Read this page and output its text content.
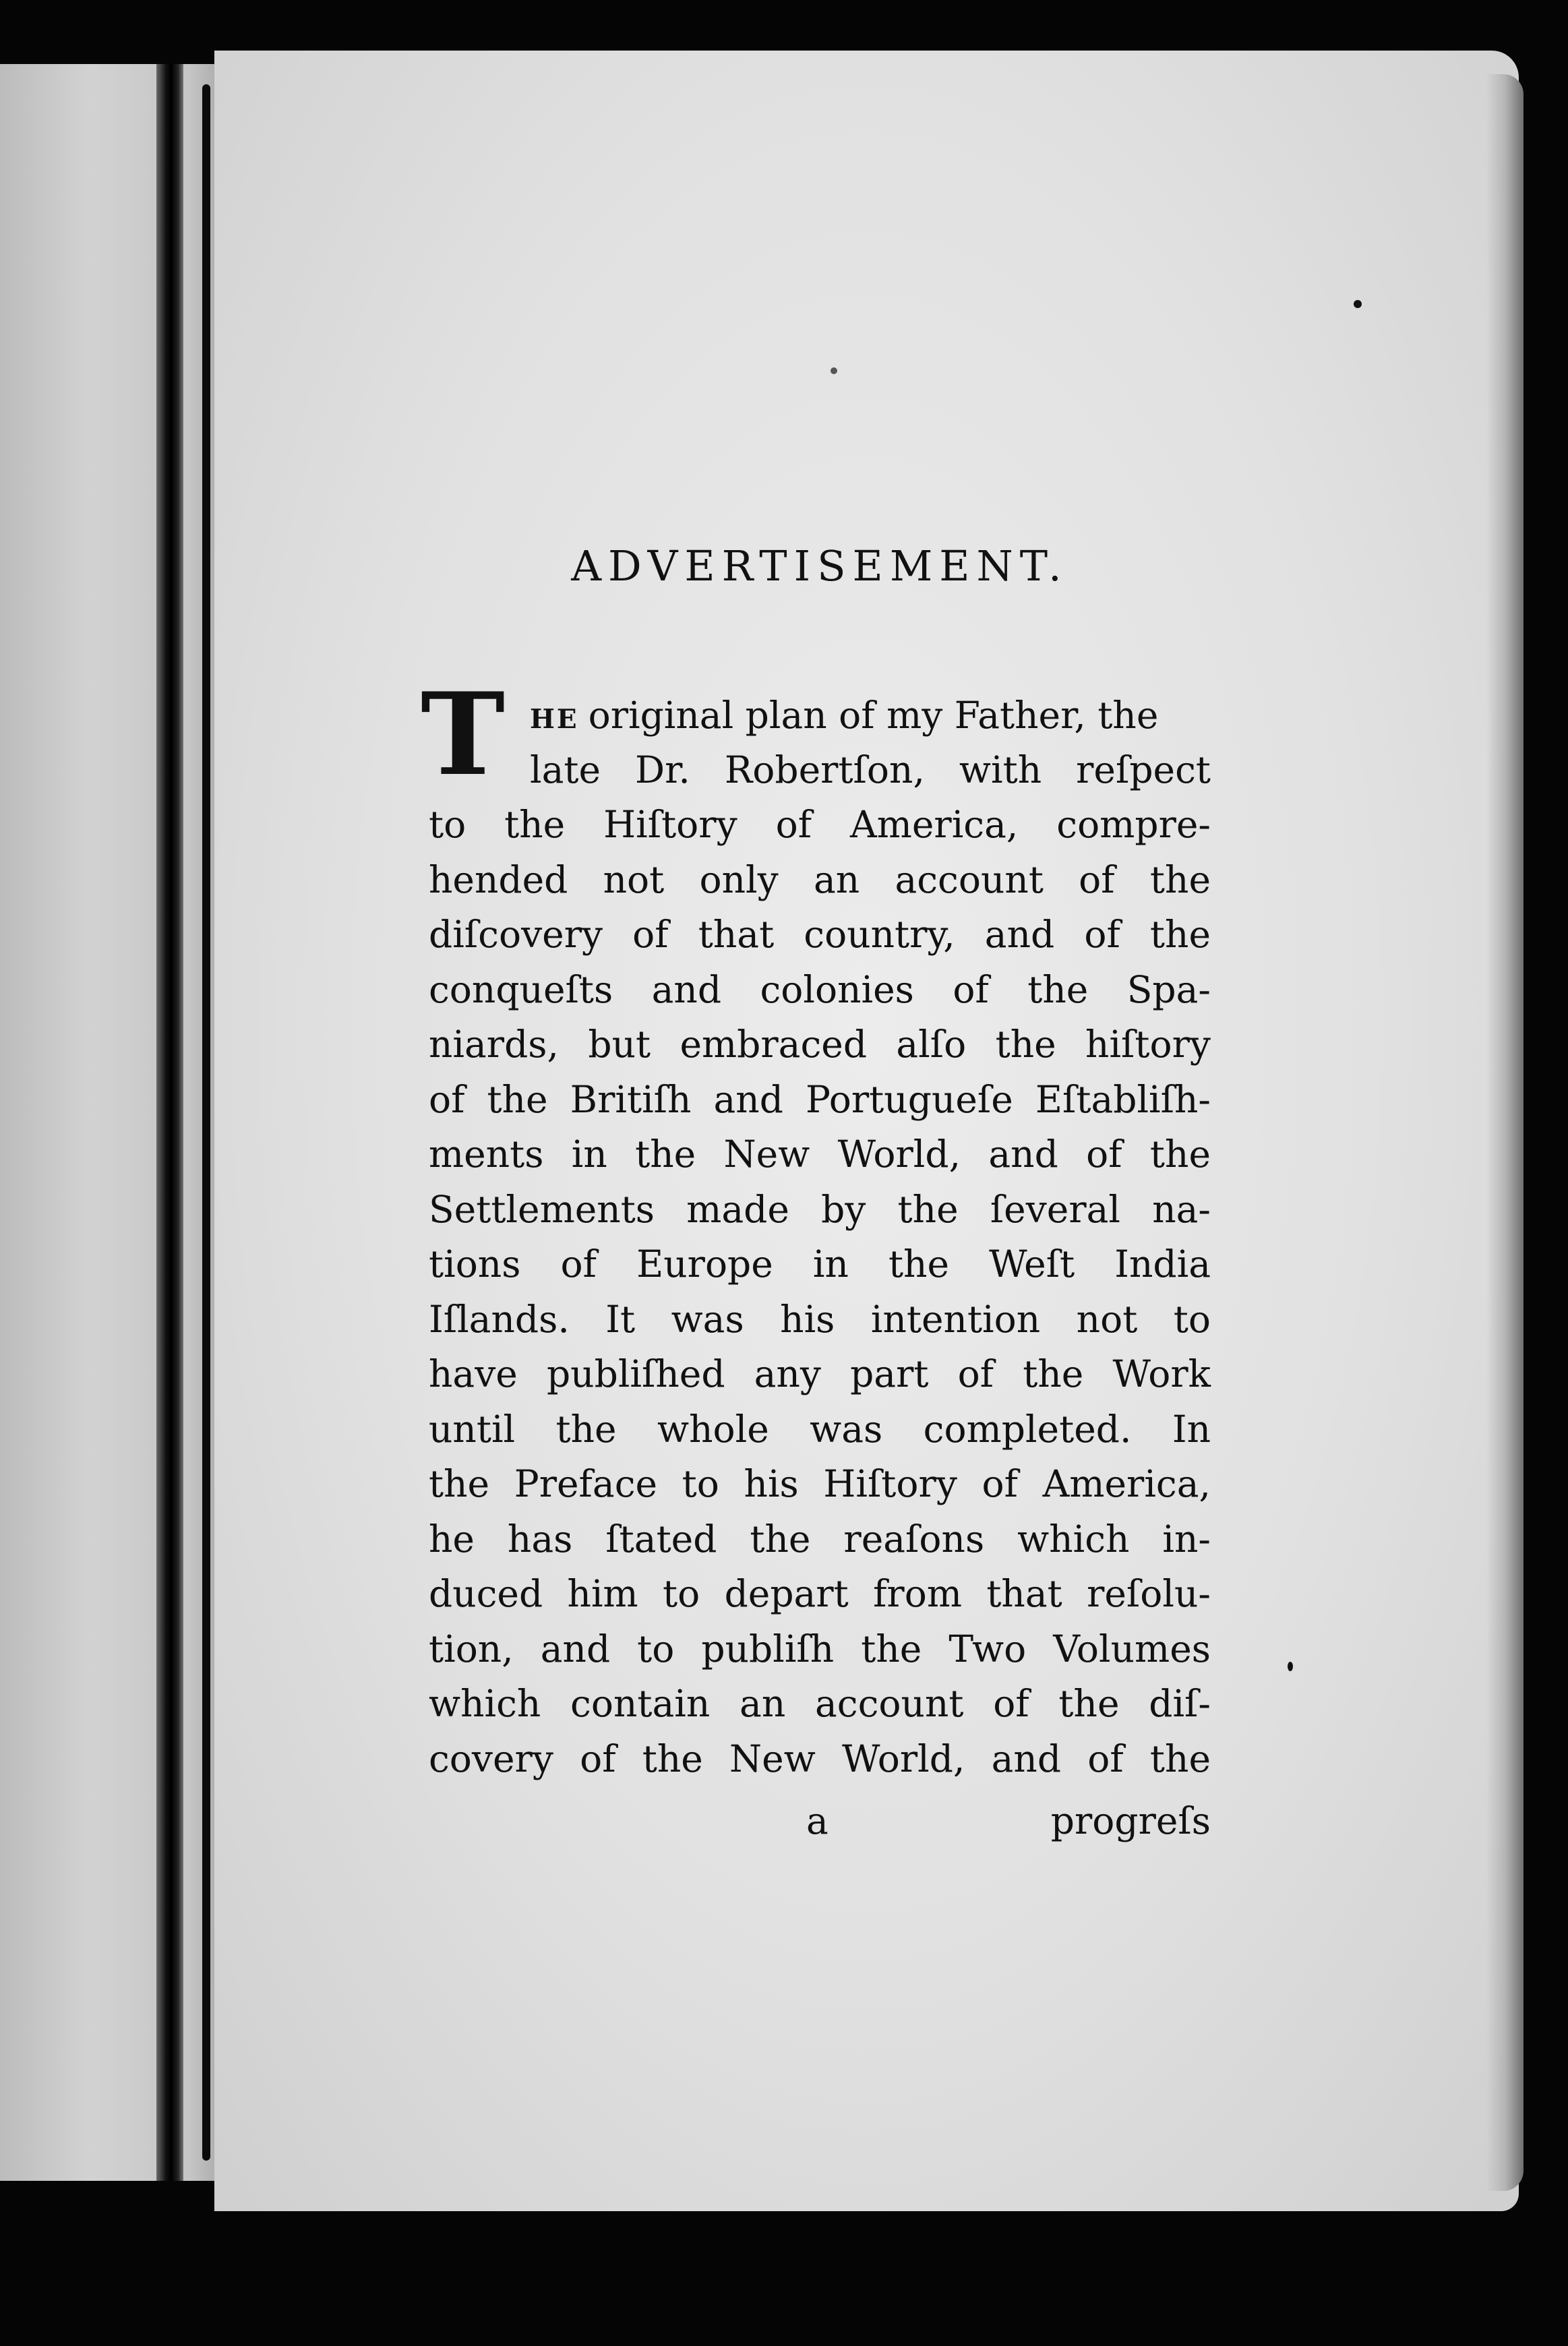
ADVERTISEMENT.
T he original plan of my Father, the
late Dr. Robertſon, with reſpect
to the Hiſtory of America, compre-
hended not only an account of the
diſcovery of that country, and of the
conqueſts and colonies of the Spa-
niards, but embraced alſo the hiſtory
of the Britiſh and Portugueſe Eſtabliſh-
ments in the New World, and of the
Settlements made by the ſeveral na-
tions of Europe in the Weſt India
Iſlands. It was his intention not to
have publiſhed any part of the Work
until the whole was completed. In
the Preface to his Hiſtory of America,
he has ſtated the reaſons which in-
duced him to depart from that reſolu-
tion, and to publiſh the Two Volumes
which contain an account of the diſ-
covery of the New World, and of the
a	progreſs
